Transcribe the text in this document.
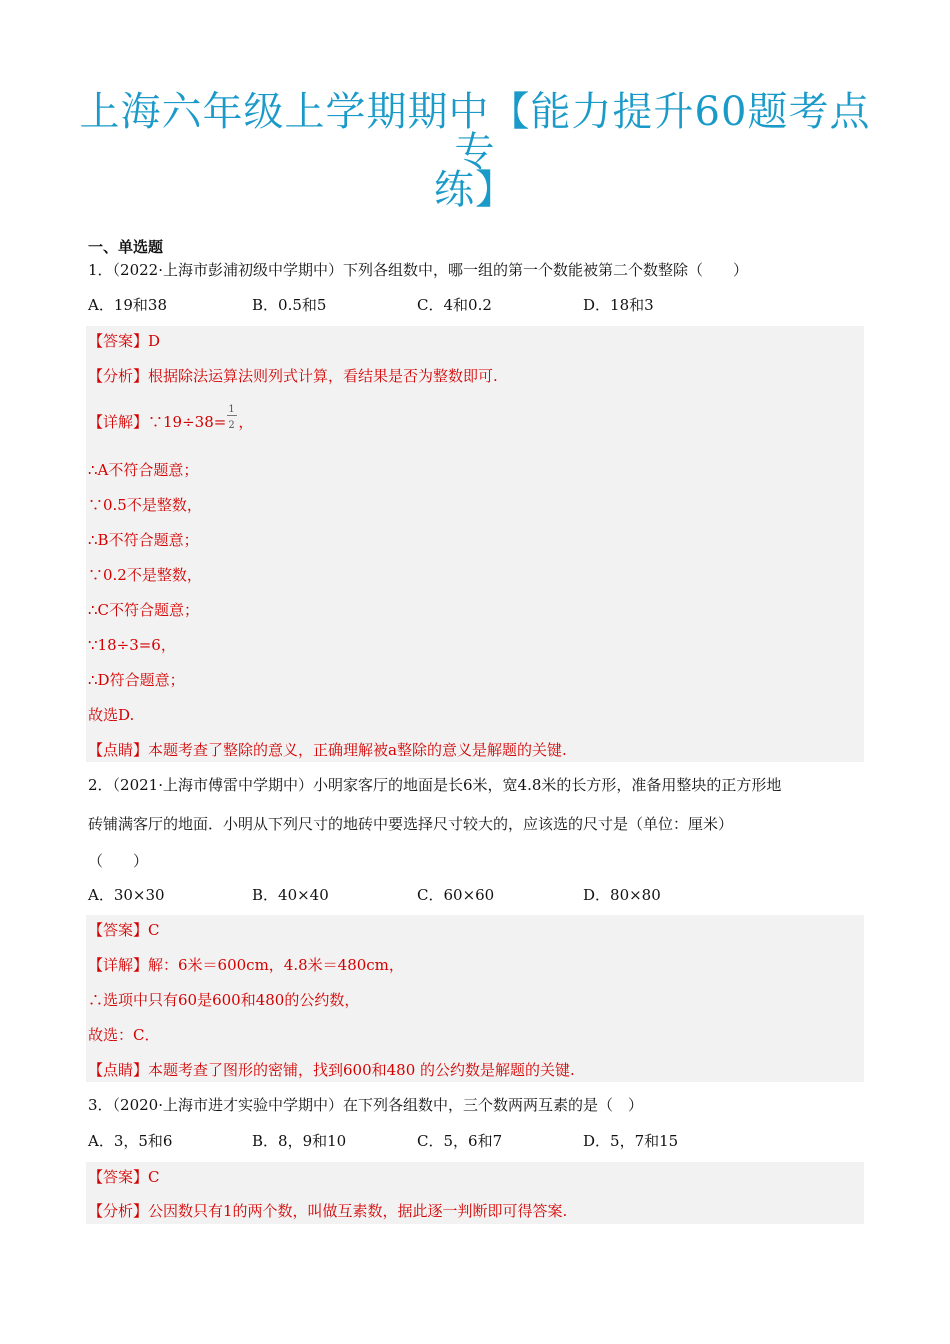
上海六年级上学期期中【能力提升60题考点专
练】
一、单选题
1．（2022·上海市彭浦初级中学期中）下列各组数中，哪一组的第一个数能被第二个数整除（　　）
A．19和38	B．0.5和5	C．4和0.2	D．18和3
【答案】D
【分析】根据除法运算法则列式计算，看结果是否为整数即可.
【详解】∵19÷38= $\frac{1}{2}$ ，
∴A不符合题意；
∵0.5不是整数，
∴B不符合题意；
∵0.2不是整数，
∴C不符合题意；
∵18÷3=6，
∴D符合题意；
故选D.
【点睛】本题考查了整除的意义，正确理解被a整除的意义是解题的关键.
2．（2021·上海市傅雷中学期中）小明家客厅的地面是长6米，宽4.8米的长方形，准备用整块的正方形地
砖铺满客厅的地面．小明从下列尺寸的地砖中要选择尺寸较大的，应该选的尺寸是（单位：厘米）
（　　）
A．30×30	B．40×40	C．60×60	D．80×80
【答案】C
【详解】解：6米＝600cm，4.8米＝480cm，
∴选项中只有60是600和480的公约数，
故选：C．
【点睛】本题考查了图形的密铺，找到600和480 的公约数是解题的关键.
3．（2020·上海市进才实验中学期中）在下列各组数中，三个数两两互素的是（　）
A．3，5和6	B．8，9和10	C．5，6和7	D．5，7和15
【答案】C
【分析】公因数只有1的两个数，叫做互素数，据此逐一判断即可得答案.
